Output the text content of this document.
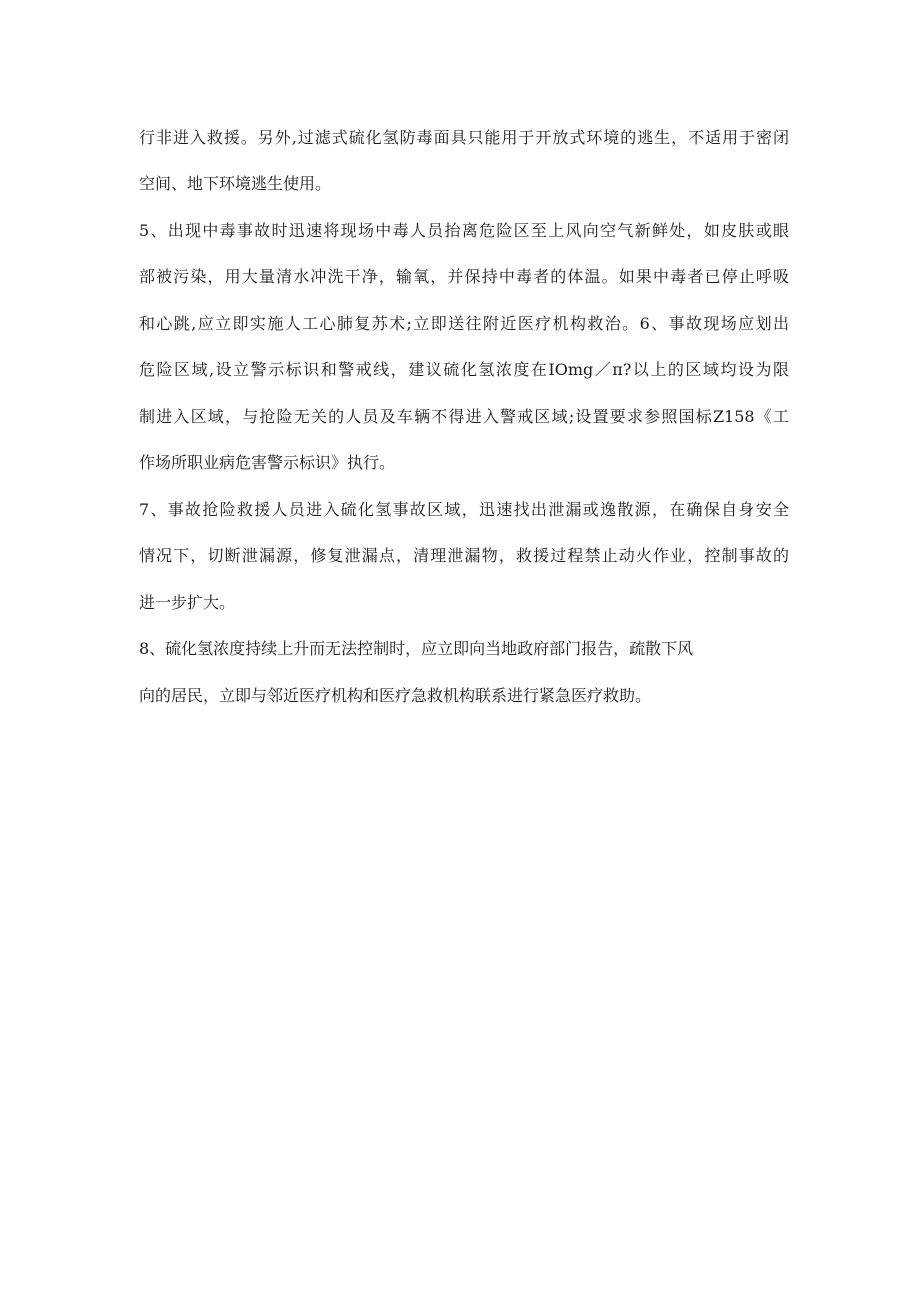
行非进入救援。另外,过滤式硫化氢防毒面具只能用于开放式环境的逃生，不适用于密闭
空间、地下环境逃生使用。
5、出现中毒事故时迅速将现场中毒人员抬离危险区至上风向空气新鲜处，如皮肤或眼
部被污染，用大量清水冲洗干净，输氧，并保持中毒者的体温。如果中毒者已停止呼吸
和心跳,应立即实施人工心肺复苏术;立即送往附近医疗机构救治。6、事故现场应划出
危险区域,设立警示标识和警戒线，建议硫化氢浓度在IOmg／π?以上的区域均设为限
制进入区域，与抢险无关的人员及车辆不得进入警戒区域;设置要求参照国标Z158《工
作场所职业病危害警示标识》执行。
7、事故抢险救援人员进入硫化氢事故区域，迅速找出泄漏或逸散源，在确保自身安全
情况下，切断泄漏源，修复泄漏点，清理泄漏物，救援过程禁止动火作业，控制事故的
进一步扩大。
8、硫化氢浓度持续上升而无法控制时，应立即向当地政府部门报告，疏散下风
向的居民，立即与邻近医疗机构和医疗急救机构联系进行紧急医疗救助。
